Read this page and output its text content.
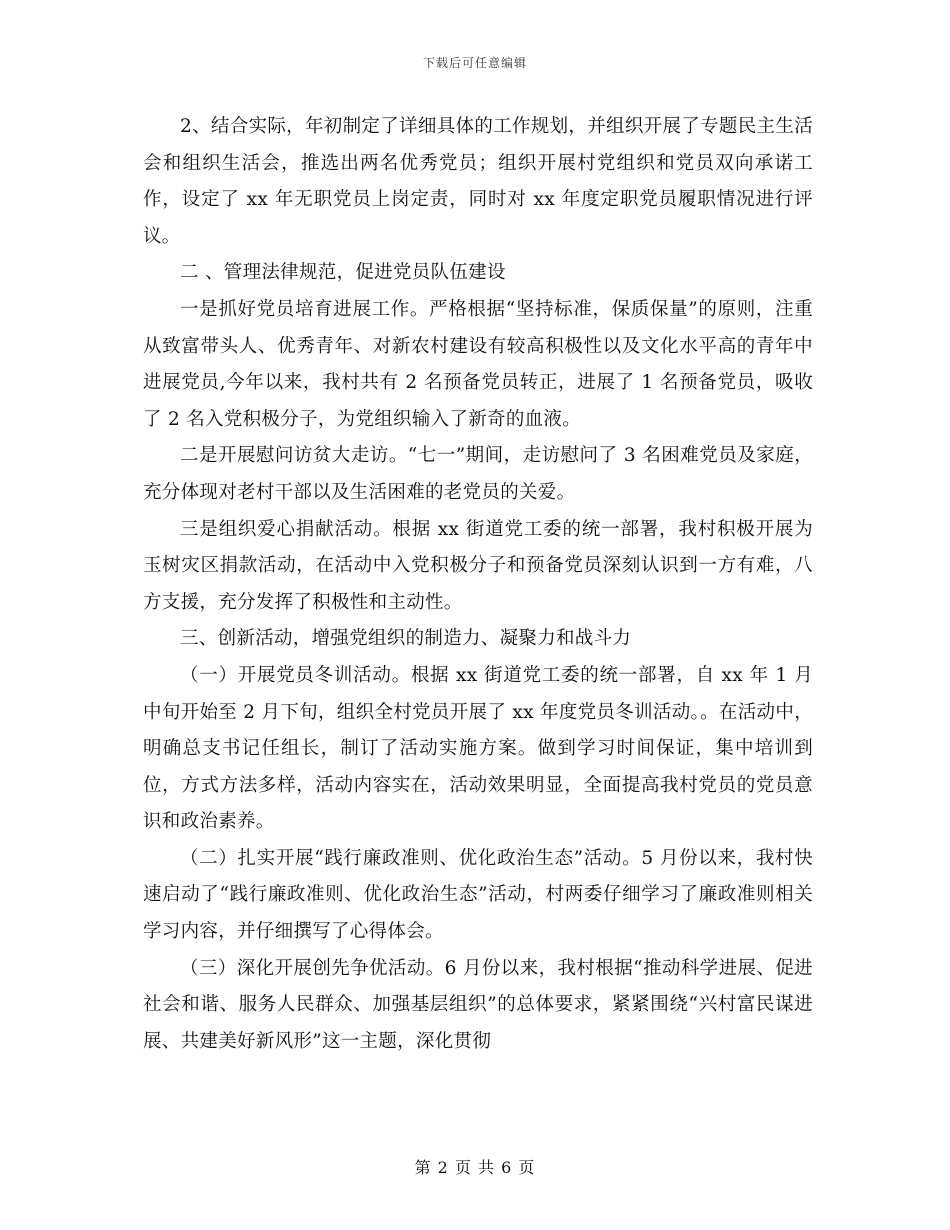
下载后可任意编辑

2、结合实际，年初制定了详细具体的工作规划，并组织开展了专题民主生活会和组织生活会，推选出两名优秀党员；组织开展村党组织和党员双向承诺工作，设定了 xx 年无职党员上岗定责，同时对 xx 年度定职党员履职情况进行评议。

二 、管理法律规范，促进党员队伍建设

一是抓好党员培育进展工作。严格根据“坚持标准，保质保量”的原则，注重从致富带头人、优秀青年、对新农村建设有较高积极性以及文化水平高的青年中进展党员,今年以来，我村共有 2 名预备党员转正，进展了 1 名预备党员，吸收了 2 名入党积极分子，为党组织输入了新奇的血液。

二是开展慰问访贫大走访。“七一”期间，走访慰问了 3 名困难党员及家庭，充分体现对老村干部以及生活困难的老党员的关爱。

三是组织爱心捐献活动。根据 xx 街道党工委的统一部署，我村积极开展为玉树灾区捐款活动，在活动中入党积极分子和预备党员深刻认识到一方有难，八方支援，充分发挥了积极性和主动性。

三、创新活动，增强党组织的制造力、凝聚力和战斗力

（一）开展党员冬训活动。根据 xx 街道党工委的统一部署，自 xx 年 1 月中旬开始至 2 月下旬，组织全村党员开展了 xx 年度党员冬训活动。。在活动中，明确总支书记任组长，制订了活动实施方案。做到学习时间保证，集中培训到位，方式方法多样，活动内容实在，活动效果明显，全面提高我村党员的党员意识和政治素养。

（二）扎实开展“践行廉政准则、优化政治生态”活动。5 月份以来，我村快速启动了“践行廉政准则、优化政治生态”活动，村两委仔细学习了廉政准则相关学习内容，并仔细撰写了心得体会。

（三）深化开展创先争优活动。6 月份以来，我村根据“推动科学进展、促进社会和谐、服务人民群众、加强基层组织”的总体要求，紧紧围绕“兴村富民谋进展、共建美好新风形”这一主题，深化贯彻

第 2 页 共 6 页
